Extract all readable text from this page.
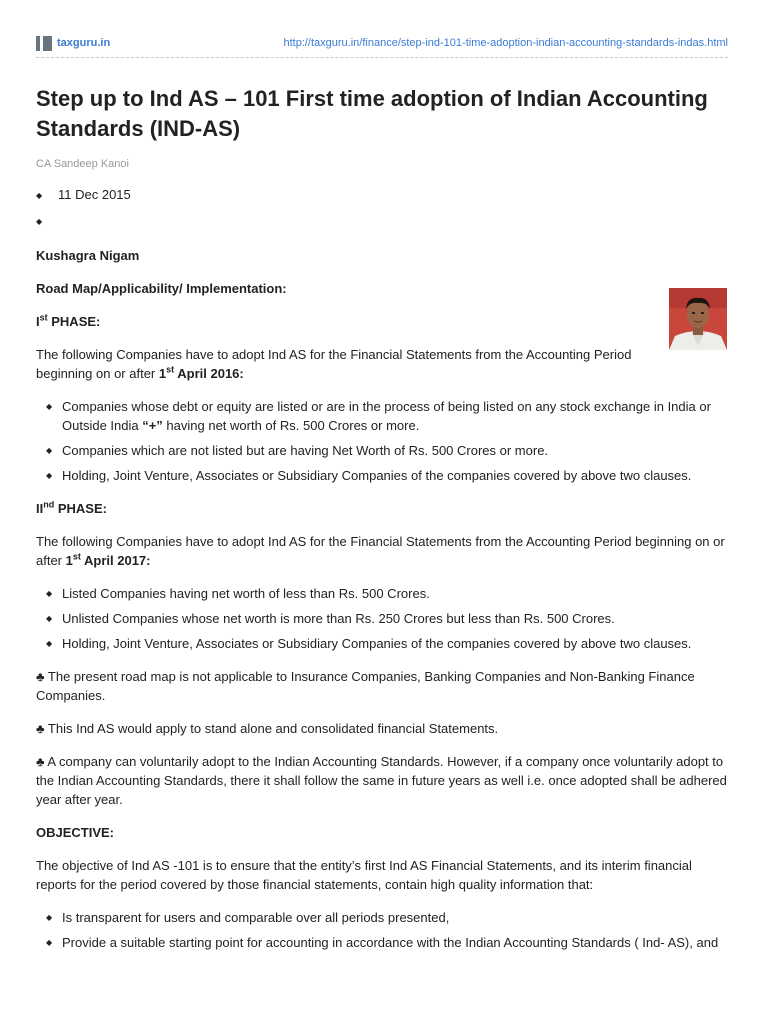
taxguru.in	http://taxguru.in/finance/step-ind-101-time-adoption-indian-accounting-standards-indas.html
Step up to Ind AS – 101 First time adoption of Indian Accounting Standards (IND-AS)
CA Sandeep Kanoi
◆ 11 Dec 2015
◆

Kushagra Nigam

Road Map/Applicability/ Implementation:

Ist PHASE:

The following Companies have to adopt Ind AS for the Financial Statements from the Accounting Period beginning on or after 1st April 2016:

◆ Companies whose debt or equity are listed or are in the process of being listed on any stock exchange in India or Outside India “+” having net worth of Rs. 500 Crores or more.
◆ Companies which are not listed but are having Net Worth of Rs. 500 Crores or more.
◆ Holding, Joint Venture, Associates or Subsidiary Companies of the companies covered by above two clauses.

IInd PHASE:

The following Companies have to adopt Ind AS for the Financial Statements from the Accounting Period beginning on or after 1st April 2017:

◆ Listed Companies having net worth of less than Rs. 500 Crores.
◆ Unlisted Companies whose net worth is more than Rs. 250 Crores but less than Rs. 500 Crores.
◆ Holding, Joint Venture, Associates or Subsidiary Companies of the companies covered by above two clauses.

♣ The present road map is not applicable to Insurance Companies, Banking Companies and Non-Banking Finance Companies.

♣ This Ind AS would apply to stand alone and consolidated financial Statements.

♣ A company can voluntarily adopt to the Indian Accounting Standards. However, if a company once voluntarily adopt to the Indian Accounting Standards, there it shall follow the same in future years as well i.e. once adopted shall be adhered year after year.

OBJECTIVE:

The objective of Ind AS -101 is to ensure that the entity’s first Ind AS Financial Statements, and its interim financial reports for the period covered by those financial statements, contain high quality information that:

◆ Is transparent for users and comparable over all periods presented,
◆ Provide a suitable starting point for accounting in accordance with the Indian Accounting Standards ( Ind- AS), and
